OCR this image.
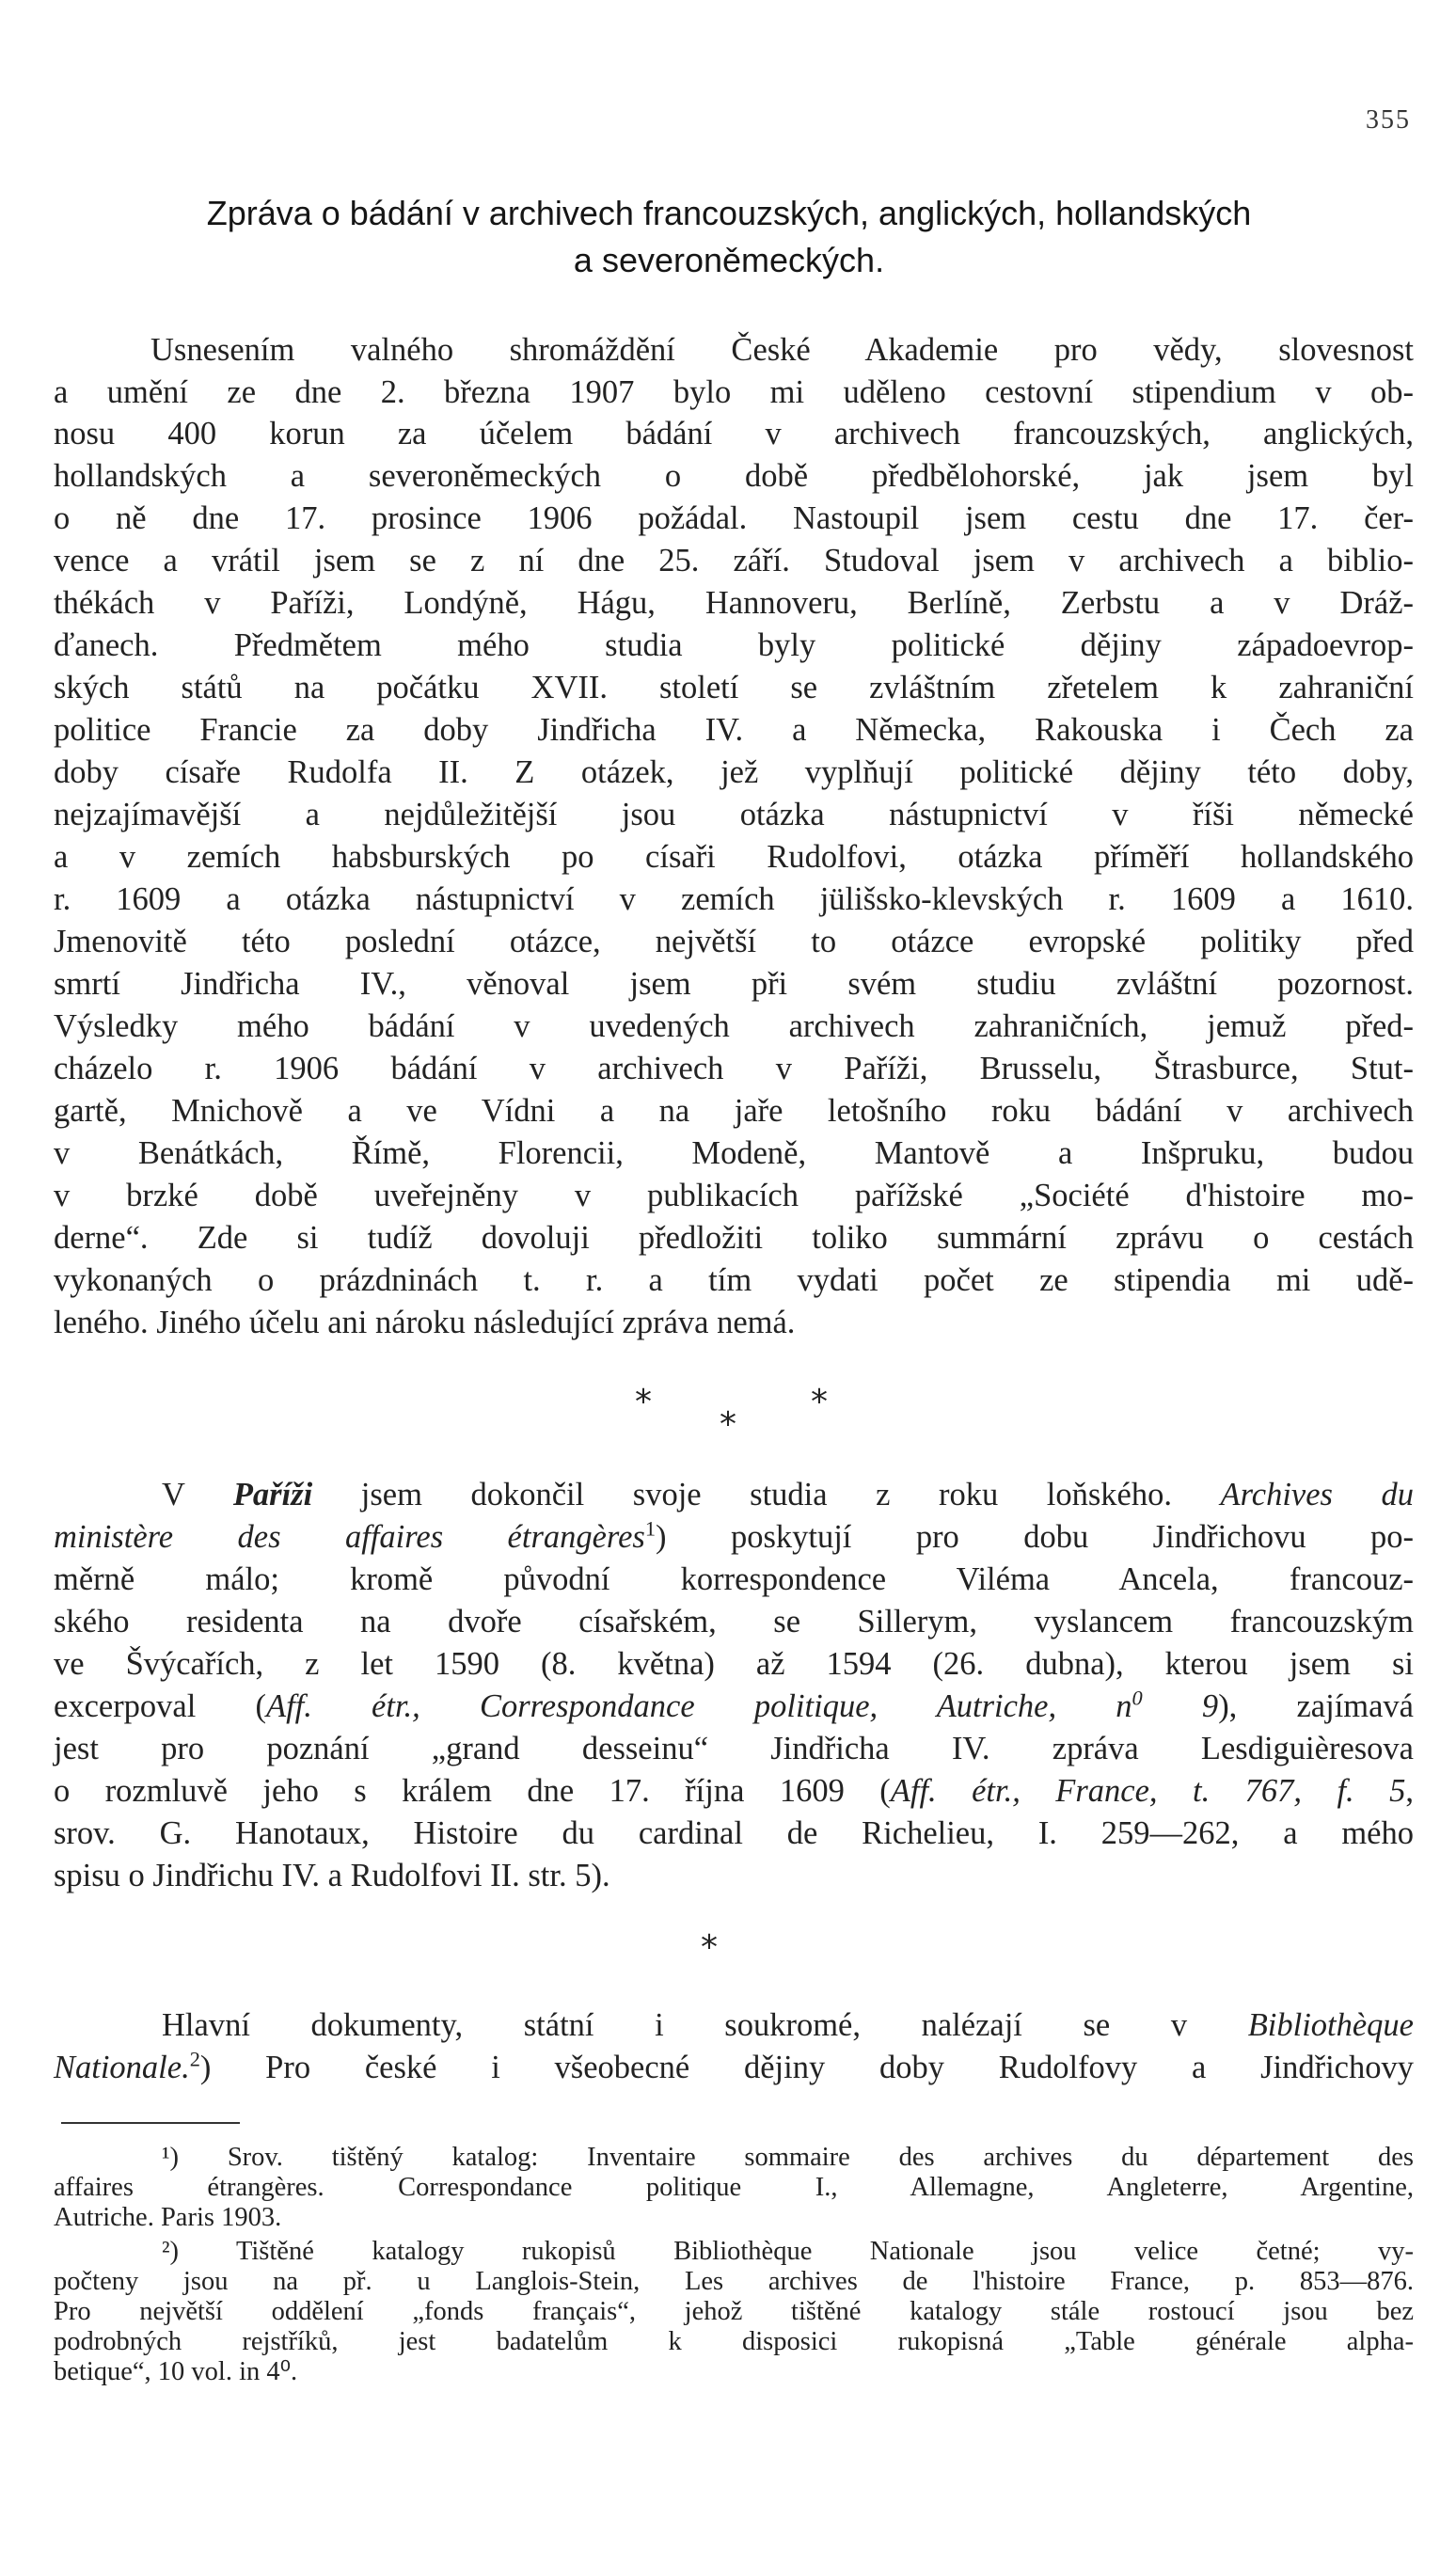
355
Zpráva o bádání v archivech francouzských, anglických, hollandských
a severoněmeckých.
Usnesením valného shromáždění České Akademie pro vědy, slovesnost
a umění ze dne 2. března 1907 bylo mi uděleno cestovní stipendium v ob-
nosu 400 korun za účelem bádání v archivech francouzských, anglických,
hollandských a severoněmeckých o době předbělohorské, jak jsem byl
o ně dne 17. prosince 1906 požádal. Nastoupil jsem cestu dne 17. čer-
vence a vrátil jsem se z ní dne 25. září. Studoval jsem v archivech a biblio-
thékách v Paříži, Londýně, Hágu, Hannoveru, Berlíně, Zerbstu a v Dráž-
ďanech. Předmětem mého studia byly politické dějiny západoevrop-
ských států na počátku XVII. století se zvláštním zřetelem k zahraniční
politice Francie za doby Jindřicha IV. a Německa, Rakouska i Čech za
doby císaře Rudolfa II. Z otázek, jež vyplňují politické dějiny této doby,
nejzajímavější a nejdůležitější jsou otázka nástupnictví v říši německé
a v zemích habsburských po císaři Rudolfovi, otázka příměří hollandského
r. 1609 a otázka nástupnictví v zemích jülišsko-klevských r. 1609 a 1610.
Jmenovitě této poslední otázce, největší to otázce evropské politiky před
smrtí Jindřicha IV., věnoval jsem při svém studiu zvláštní pozornost.
Výsledky mého bádání v uvedených archivech zahraničních, jemuž před-
cházelo r. 1906 bádání v archivech v Paříži, Brusselu, Štrasburce, Stut-
gartě, Mnichově a ve Vídni a na jaře letošního roku bádání v archivech
v Benátkách, Římě, Florencii, Modeně, Mantově a Inšpruku, budou
v brzké době uveřejněny v publikacích pařížské „Société d'histoire mo-
derne“. Zde si tudíž dovoluji předložiti toliko summární zprávu o cestách
vykonaných o prázdninách t. r. a tím vydati počet ze stipendia mi udě-
leného. Jiného účelu ani nároku následující zpráva nemá.
*	*
*
V Paříži jsem dokončil svoje studia z roku loňského. Archives du
ministère des affaires étrangères$^1$) poskytují pro dobu Jindřichovu po-
měrně málo; kromě původní korrespondence Viléma Ancela, francouz-
ského residenta na dvoře císařském, se Sillerym, vyslancem francouzským
ve Švýcařích, z let 1590 (8. května) až 1594 (26. dubna), kterou jsem si
excerpoval (Aff. étr., Correspondance politique, Autriche, n$^0$ 9), zajímavá
jest pro poznání „grand desseinu“ Jindřicha IV. zpráva Lesdiguièresova
o rozmluvě jeho s králem dne 17. října 1609 (Aff. étr., France, t. 767, f. 5,
srov. G. Hanotaux, Histoire du cardinal de Richelieu, I. 259—262, a mého
spisu o Jindřichu IV. a Rudolfovi II. str. 5).
*
Hlavní dokumenty, státní i soukromé, nalézají se v Bibliothèque
Nationale.$^2$) Pro české i všeobecné dějiny doby Rudolfovy a Jindřichovy
¹) Srov. tištěný katalog: Inventaire sommaire des archives du département des
affaires étrangères. Correspondance politique I., Allemagne, Angleterre, Argentine,
Autriche. Paris 1903.
²) Tištěné katalogy rukopisů Bibliothèque Nationale jsou velice četné; vy-
počteny jsou na př. u Langlois-Stein, Les archives de l'histoire France, p. 853—876.
Pro největší oddělení „fonds français“, jehož tištěné katalogy stále rostoucí jsou bez
podrobných rejstříků, jest badatelům k disposici rukopisná „Table générale alpha-
betique“, 10 vol. in 4⁰.
